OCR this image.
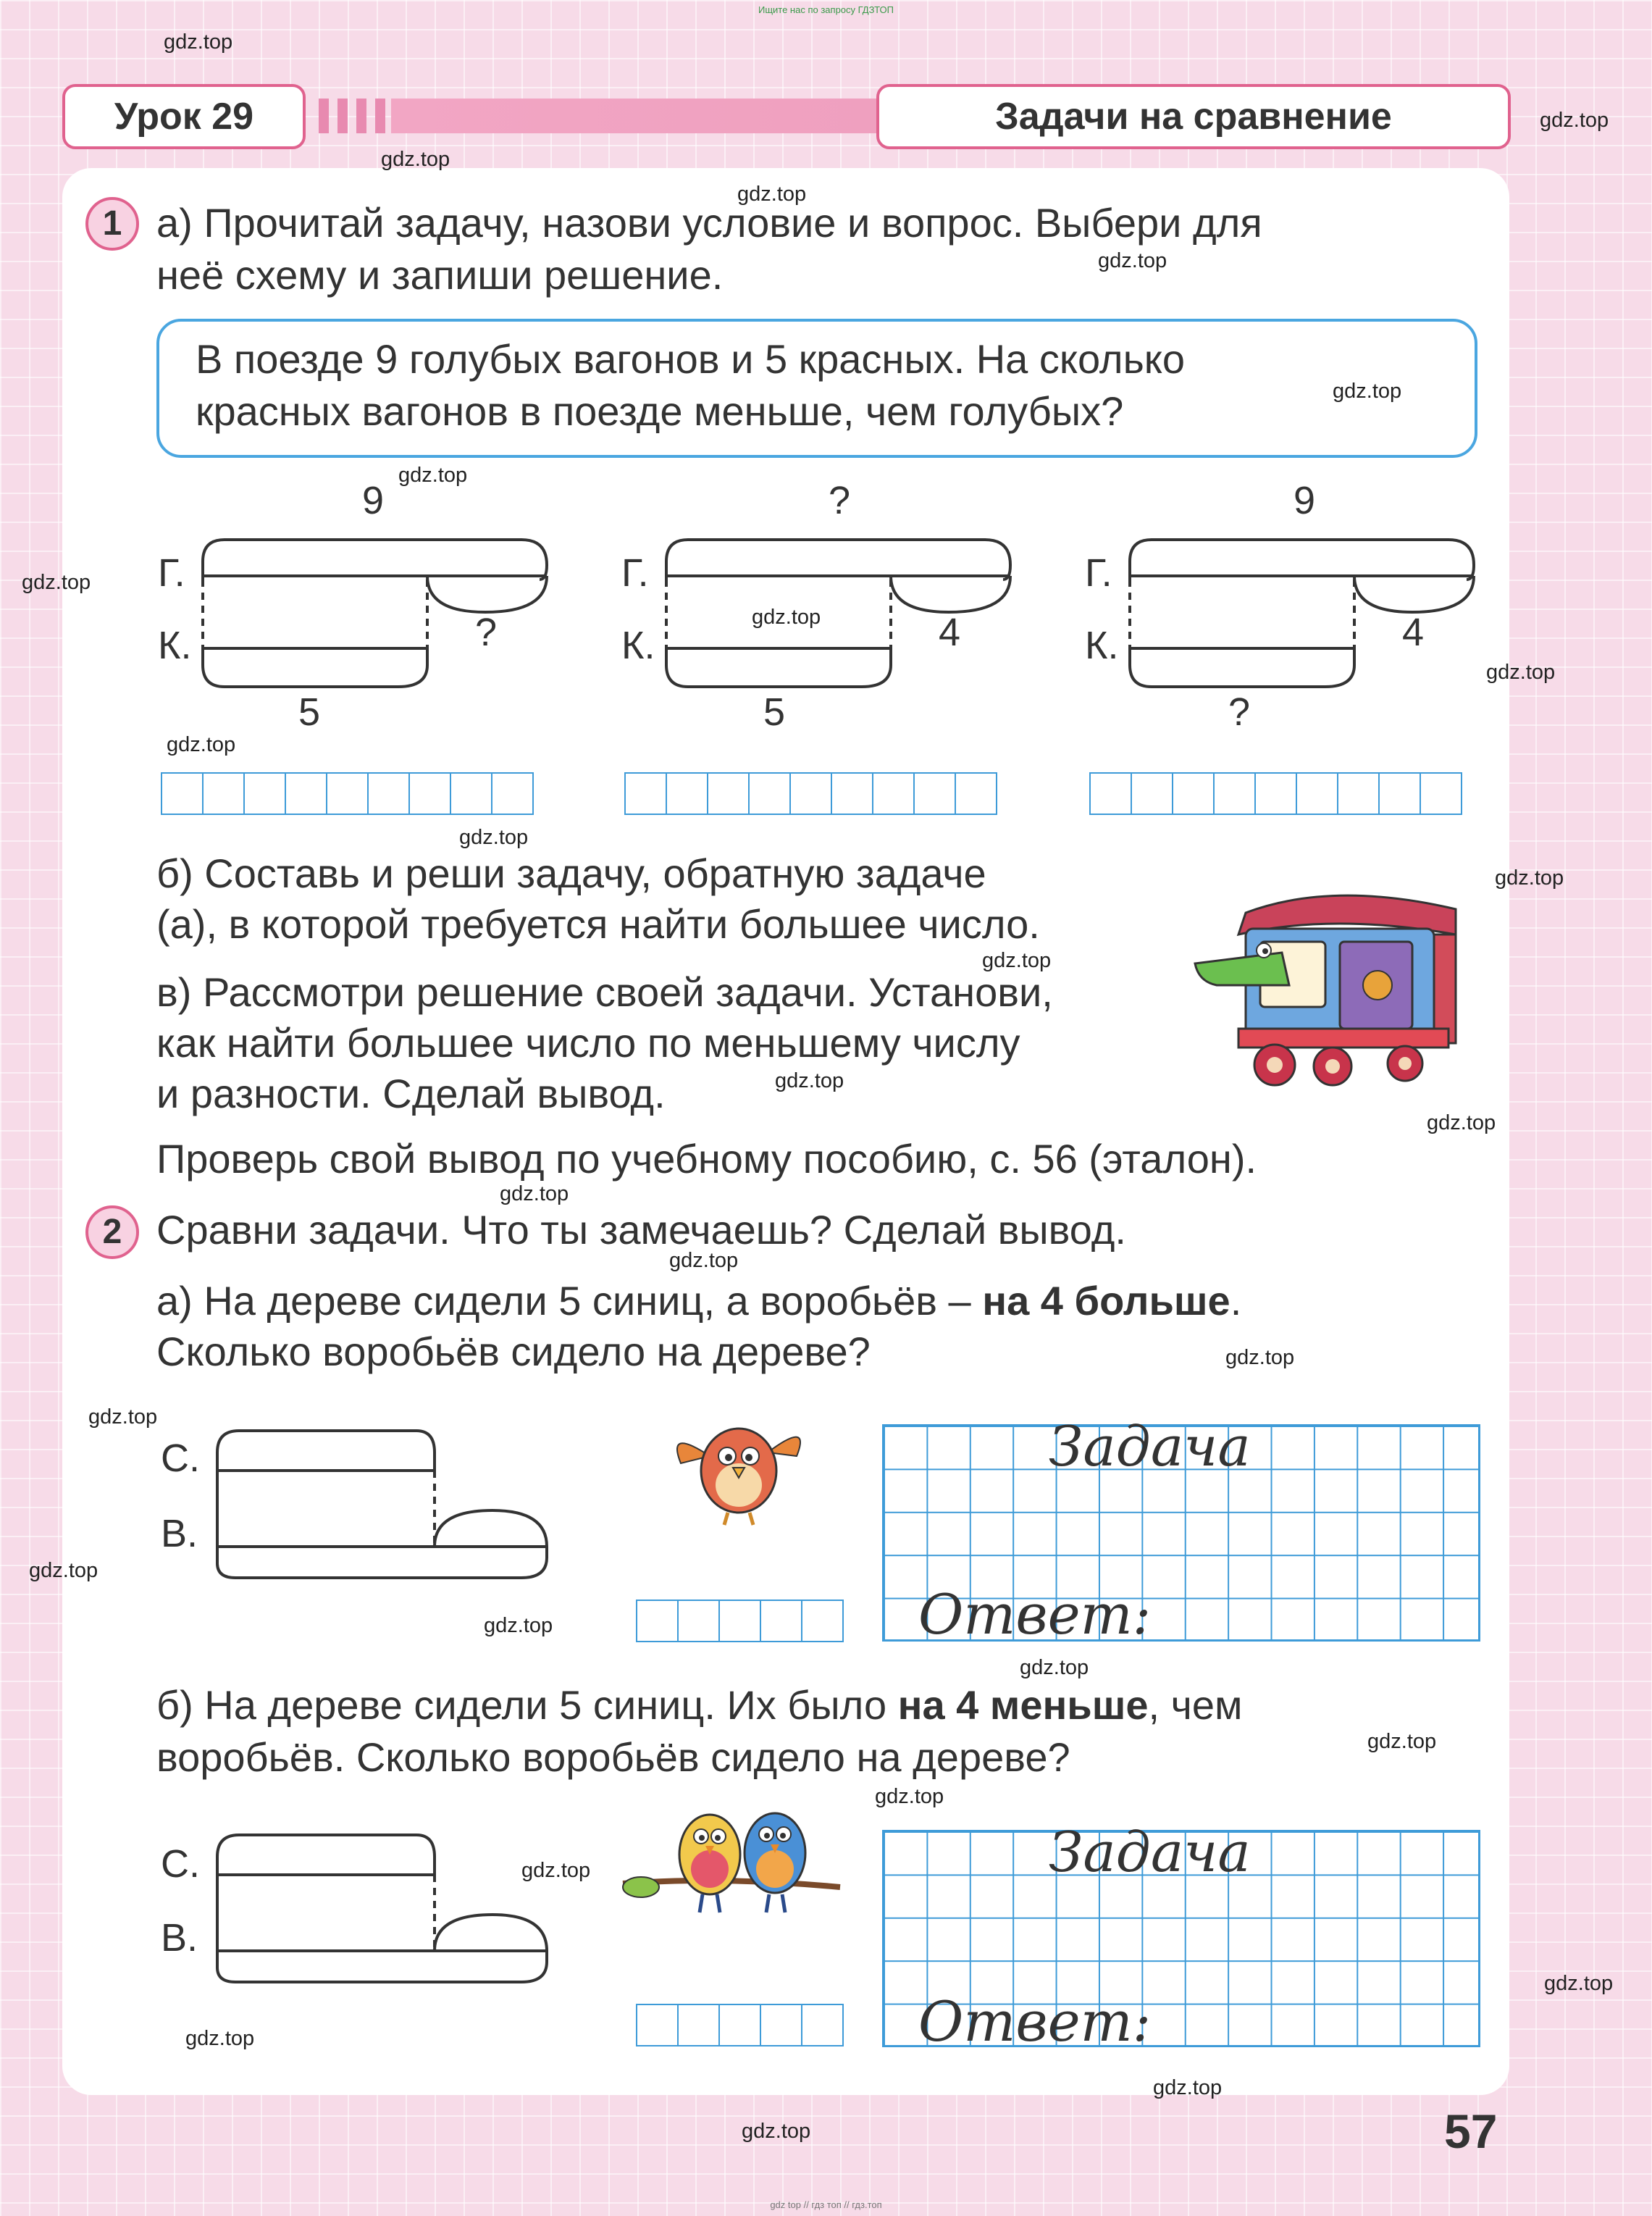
Ищите нас по запросу ГДЗТОП
Урок 29	Задачи на сравнение
1 а) Прочитай задачу, назови условие и вопрос. Выбери для
неё схему и запиши решение.
В поезде 9 голубых вагонов и 5 красных. На сколько
красных вагонов в поезде меньше, чем голубых?
9
Г.
К.	?
5
?
Г.
К.	4
5
9
Г.
К.	4
?
б) Составь и реши задачу, обратную задаче
(а), в которой требуется найти большее число.
в) Рассмотри решение своей задачи. Установи,
как найти большее число по меньшему числу
и разности. Сделай вывод.
Проверь свой вывод по учебному пособию, с. 56 (эталон).
2 Сравни задачи. Что ты замечаешь? Сделай вывод.
а) На дереве сидели 5 синиц, а воробьёв – на 4 больше.
Сколько воробьёв сидело на дереве?
С.
В.
Задача
Ответ:
б) На дереве сидели 5 синиц. Их было на 4 меньше, чем
воробьёв. Сколько воробьёв сидело на дереве?
С.
В.
Задача
Ответ:
57
gdz top // гдз топ // гдз.топ
gdz.top
gdz.top
gdz.top
gdz.top
gdz.top
gdz.top
gdz.top
gdz.top
gdz.top
gdz.top
gdz.top
gdz.top
gdz.top
gdz.top
gdz.top
gdz.top
gdz.top
gdz.top
gdz.top
gdz.top
gdz.top
gdz.top
gdz.top
gdz.top
gdz.top
gdz.top
gdz.top
gdz.top
gdz.top
gdz.top
